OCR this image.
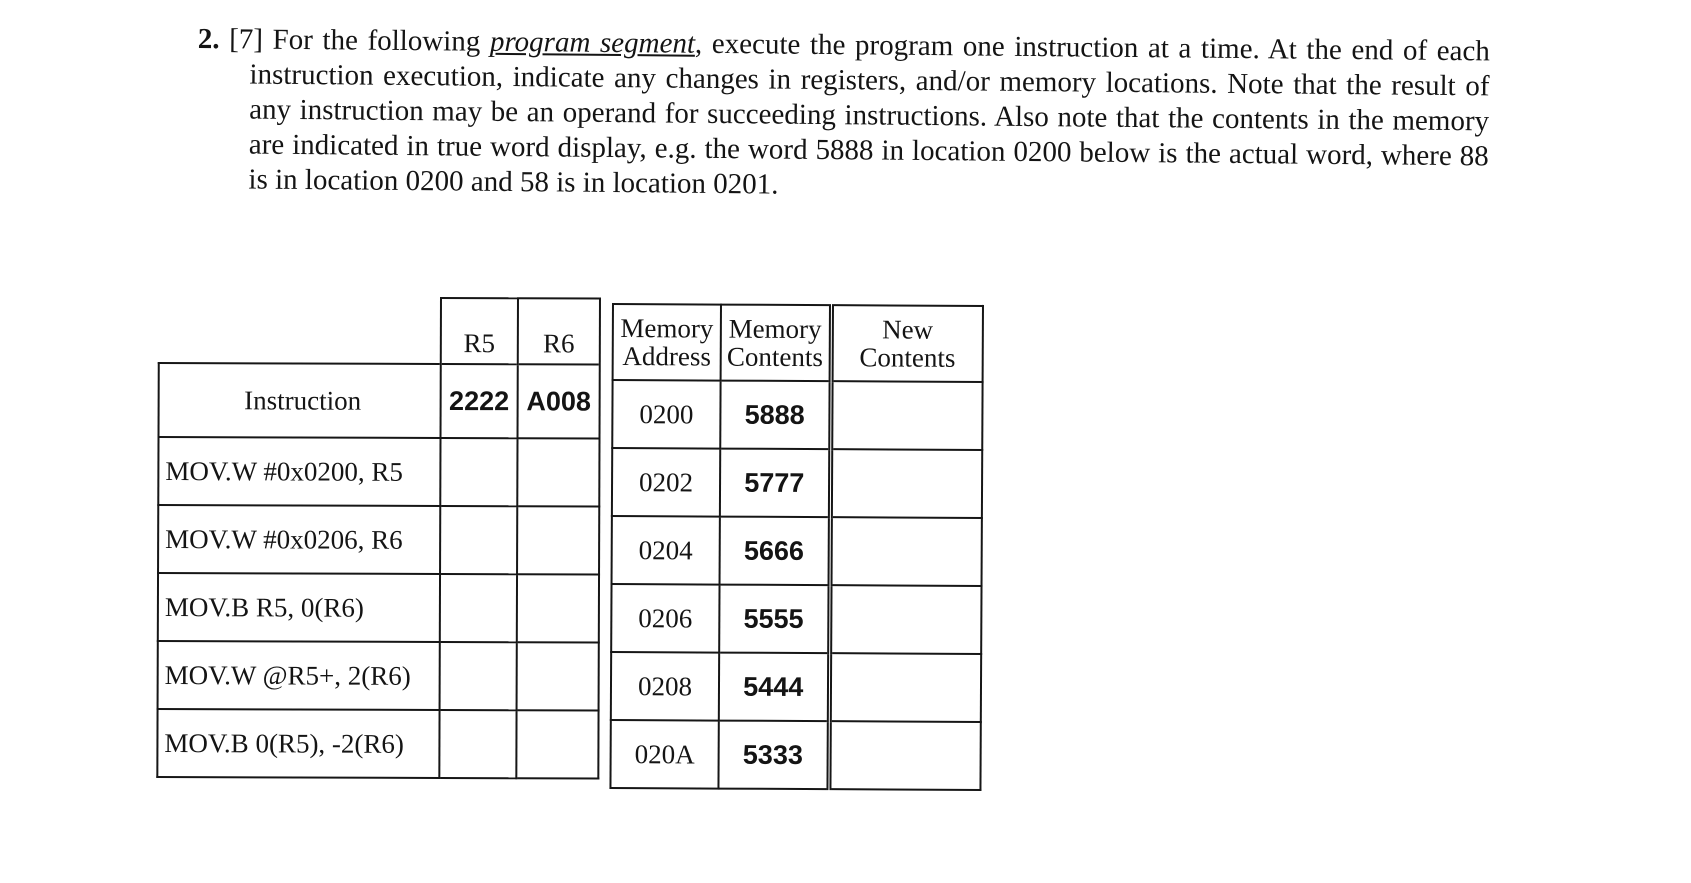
2. [7] For the following program segment, execute the program one instruction at a time. At the end of each instruction execution, indicate any changes in registers, and/or memory locations. Note that the result of any instruction may be an operand for succeeding instructions. Also note that the contents in the memory are indicated in true word display, e.g. the word 5888 in location 0200 below is the actual word, where 88 is in location 0200 and 58 is in location 0201.
	R5	R6
Instruction	2222	A008
MOV.W #0x0200, R5		
MOV.W #0x0206, R6		
MOV.B R5, 0(R6)		
MOV.W @R5+, 2(R6)		
MOV.B 0(R5), -2(R6)		
Memory Address	Memory Contents	New Contents
0200	5888	
0202	5777	
0204	5666	
0206	5555	
0208	5444	
020A	5333	
